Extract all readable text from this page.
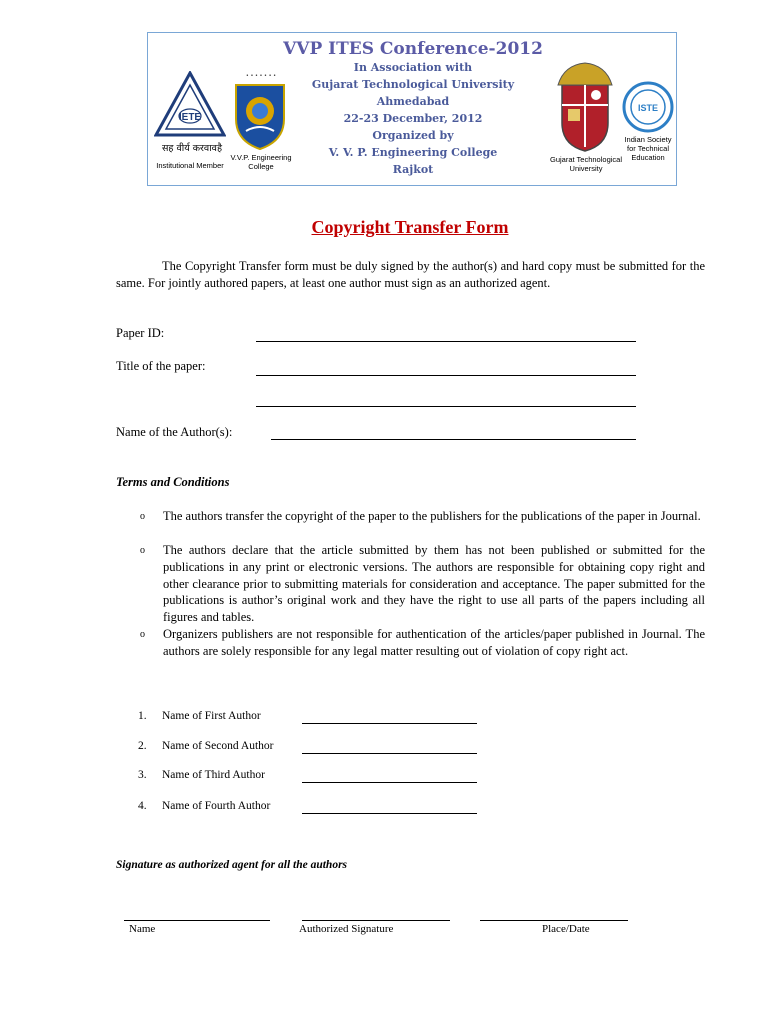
IETE
सह वीर्य करवावहै
Institutional Member
• • • • • • •
V.V.P. Engineering College
VVP ITES Conference-2012
In Association with
Gujarat Technological University
Ahmedabad
22-23 December, 2012
Organized by
V. V. P. Engineering College
Rajkot
Gujarat Technological University
ISTE
Indian Society for Technical Education
Copyright Transfer Form
The Copyright Transfer form must be duly signed by the author(s) and hard copy must be submitted for the same. For jointly authored papers, at least one author must sign as an authorized agent.
Paper ID:
Title of the paper:
Name of the Author(s):
Terms and Conditions
o The authors transfer the copyright of the paper to the publishers for the publications of the paper in Journal.
o The authors declare that the article submitted by them has not been published or submitted for the publications in any print or electronic versions. The authors are responsible for obtaining copy right and other clearance prior to submitting materials for consideration and acceptance. The paper submitted for the publications is author’s original work and they have the right to use all parts of the papers including all figures and tables.
o Organizers publishers are not responsible for authentication of the articles/paper published in Journal. The authors are solely responsible for any legal matter resulting out of violation of copy right act.
1. Name of First Author
2. Name of Second Author
3. Name of Third Author
4. Name of Fourth Author
Signature as authorized agent for all the authors
Name	Authorized Signature	Place/Date
